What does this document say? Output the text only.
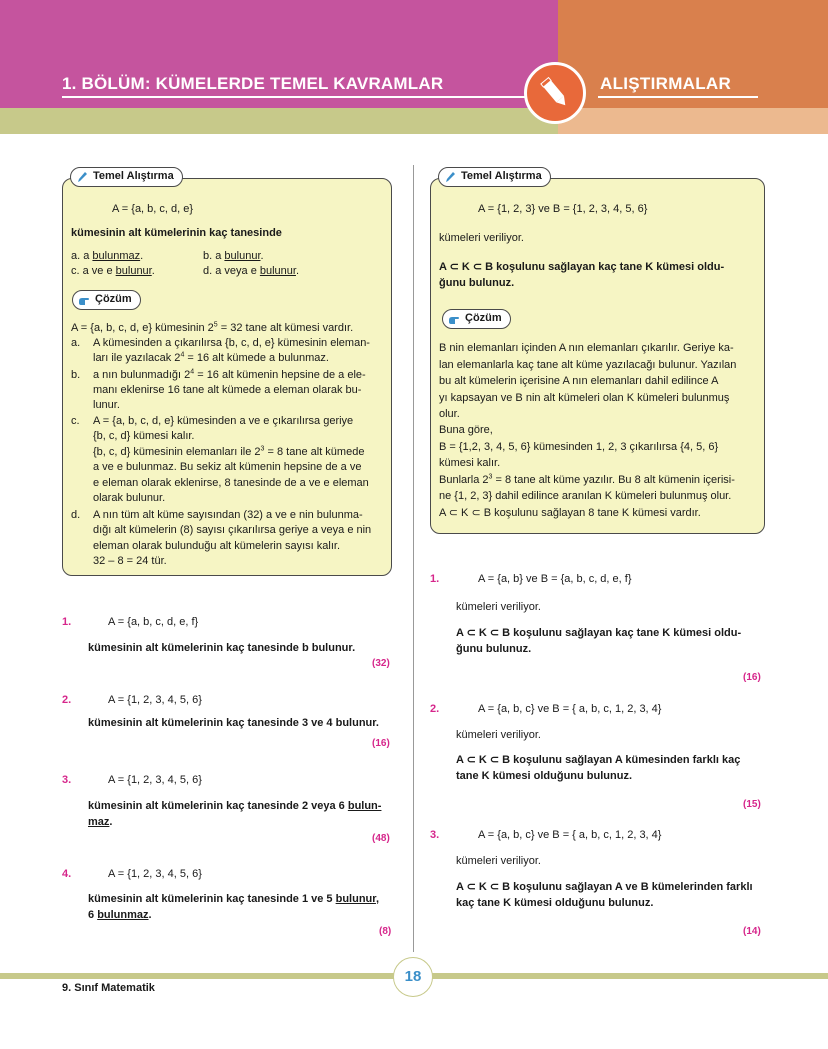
1. BÖLÜM: KÜMELERDE TEMEL KAVRAMLAR	ALIŞTIRMALAR
Temel Alıştırma
A = {a, b, c, d, e}
kümesinin alt kümelerinin kaç tanesinde
a. a bulunmaz.	b. a bulunur.
c. a ve e bulunur.	d. a veya e bulunur.
Çözüm
A = {a, b, c, d, e} kümesinin $2^5 = 32$ tane alt kümesi vardır.
a. A kümesinden a çıkarılırsa {b, c, d, e} kümesinin eleman-
ları ile yazılacak $2^4 = 16$ alt kümede a bulunmaz.
b. a nın bulunmadığı $2^4 = 16$ alt kümenin hepsine de a ele-
manı eklenirse 16 tane alt kümede a eleman olarak bu-
lunur.
c. A = {a, b, c, d, e} kümesinden a ve e çıkarılırsa geriye
{b, c, d} kümesi kalır.
{b, c, d} kümesinin elemanları ile $2^3 = 8$ tane alt kümede
a ve e bulunmaz. Bu sekiz alt kümenin hepsine de a ve
e eleman olarak eklenirse, 8 tanesinde de a ve e eleman
olarak bulunur.
d. A nın tüm alt küme sayısından (32) a ve e nin bulunma-
dığı alt kümelerin (8) sayısı çıkarılırsa geriye a veya e nin
eleman olarak bulunduğu alt kümelerin sayısı kalır.
32 – 8 = 24 tür.
Temel Alıştırma
A = {1, 2, 3} ve B = {1, 2, 3, 4, 5, 6}
kümeleri veriliyor.
A ⊂ K ⊂ B koşulunu sağlayan kaç tane K kümesi oldu-
ğunu bulunuz.
Çözüm
B nin elemanları içinden A nın elemanları çıkarılır. Geriye ka-
lan elemanlarla kaç tane alt küme yazılacağı bulunur. Yazılan
bu alt kümelerin içerisine A nın elemanları dahil edilince A
yı kapsayan ve B nin alt kümeleri olan K kümeleri bulunmuş
olur.
Buna göre,
B = {1,2, 3, 4, 5, 6} kümesinden 1, 2, 3 çıkarılırsa {4, 5, 6}
kümesi kalır.
Bunlarla $2^3 = 8$ tane alt küme yazılır. Bu 8 alt kümenin içerisi-
ne {1, 2, 3} dahil edilince aranılan K kümeleri bulunmuş olur.
A ⊂ K ⊂ B koşulunu sağlayan 8 tane K kümesi vardır.
1.	A = {a, b, c, d, e, f}
kümesinin alt kümelerinin kaç tanesinde b bulunur.
(32)
2.	A = {1, 2, 3, 4, 5, 6}
kümesinin alt kümelerinin kaç tanesinde 3 ve 4 bulunur.
(16)
3.	A = {1, 2, 3, 4, 5, 6}
kümesinin alt kümelerinin kaç tanesinde 2 veya 6 bulun-
maz.
(48)
4.	A = {1, 2, 3, 4, 5, 6}
kümesinin alt kümelerinin kaç tanesinde 1 ve 5 bulunur,
6 bulunmaz.
(8)
1.	A = {a, b} ve B = {a, b, c, d, e, f}
kümeleri veriliyor.
A ⊂ K ⊂ B koşulunu sağlayan kaç tane K kümesi oldu-
ğunu bulunuz.
(16)
2.	A = {a, b, c} ve B = { a, b, c, 1, 2, 3, 4}
kümeleri veriliyor.
A ⊂ K ⊂ B koşulunu sağlayan A kümesinden farklı kaç
tane K kümesi olduğunu bulunuz.
(15)
3.	A = {a, b, c} ve B = { a, b, c, 1, 2, 3, 4}
kümeleri veriliyor.
A ⊂ K ⊂ B koşulunu sağlayan A ve B kümelerinden farklı
kaç tane K kümesi olduğunu bulunuz.
(14)
9. Sınıf Matematik
18
